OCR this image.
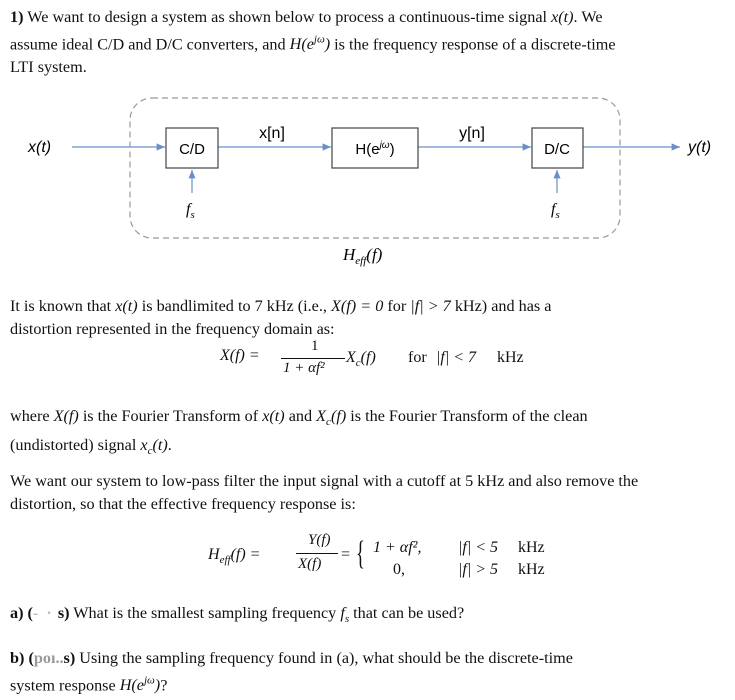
1) We want to design a system as shown below to process a continuous-time signal x(t). We
assume ideal C/D and D/C converters, and $H(e^{j\omega})$ is the frequency response of a discrete-time
LTI system.

x(t)	y(t)
C/D	D/C
x[n]	y[n]
$H(e^{j\omega})$
$f_s$	$f_s$
$H_{eff}(f)$

It is known that x(t) is bandlimited to 7 kHz (i.e., X(f) = 0 for |f| > 7 kHz) and has a
distortion represented in the frequency domain as:

X(f) =
1
1 + αf²
$X_c(f)$ for |f| < 7 kHz

where X(f) is the Fourier Transform of x(t) and $X_c(f)$ is the Fourier Transform of the clean
(undistorted) signal $x_c(t)$.

We want our system to low-pass filter the input signal with a cutoff at 5 kHz and also remove the
distortion, so that the effective frequency response is:

$H_{eff}(f)$ =
Y(f)
X(f)
= { 1 + αf², |f| < 5 kHz
0,	|f| > 5 kHz

a) (- · s) What is the smallest sampling frequency $f_s$ that can be used?

b) (poı..s) Using the sampling frequency found in (a), what should be the discrete-time
system response $H(e^{j\omega})$?
